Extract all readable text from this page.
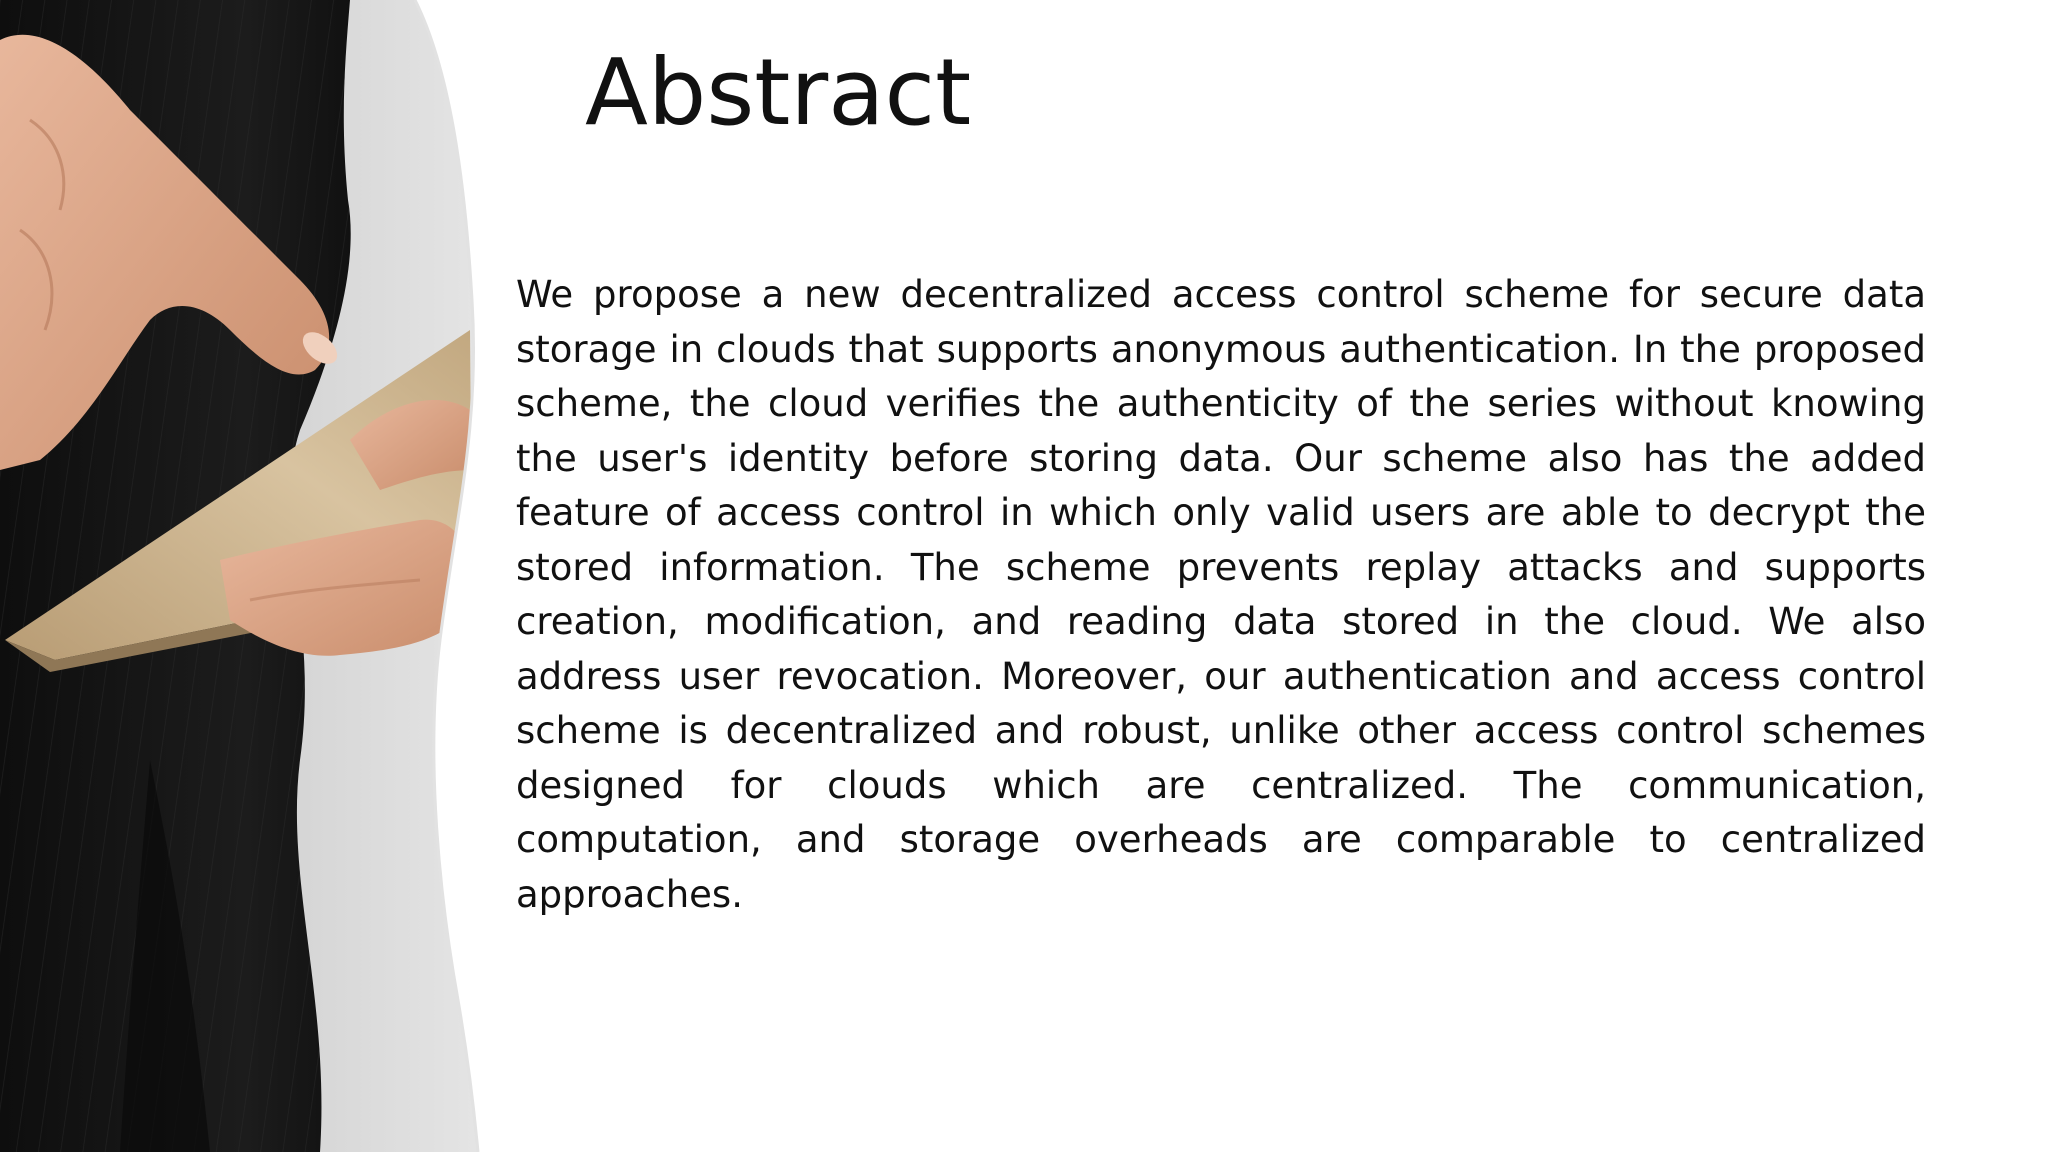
Abstract

We propose a new decentralized access control scheme for secure data storage in clouds that supports anonymous authentication. In the proposed scheme, the cloud verifies the authenticity of the series without knowing the user's identity before storing data. Our scheme also has the added feature of access control in which only valid users are able to decrypt the stored information. The scheme prevents replay attacks and supports creation, modification, and reading data stored in the cloud. We also address user revocation. Moreover, our authentication and access control scheme is decentralized and robust, unlike other access control schemes designed for clouds which are centralized. The communication, computation, and storage overheads are comparable to centralized approaches.
